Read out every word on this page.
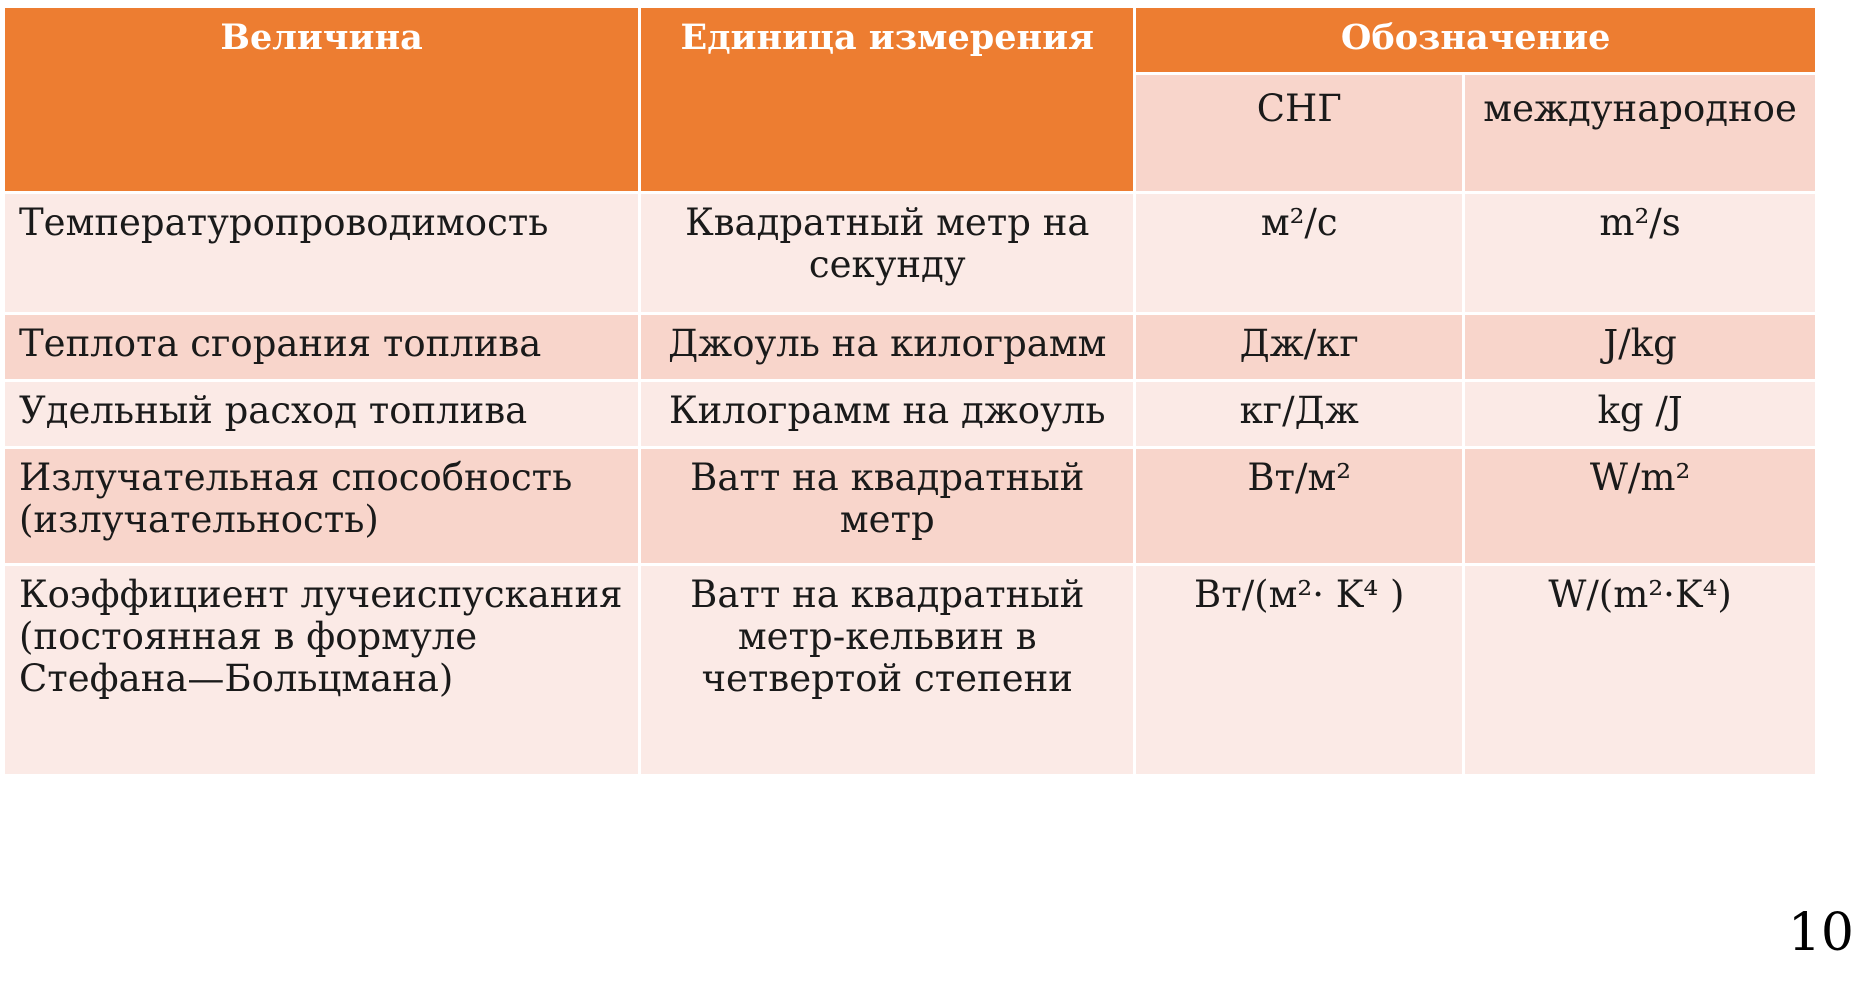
Величина	Единица измерения	Обозначение	
		СНГ	международное
Температуропроводимость	Квадратный метр на секунду	м²/с	m²/s
Теплота сгорания топлива	Джоуль на килограмм	Дж/кг	J/kg
Удельный расход топлива	Килограмм на джоуль	кг/Дж	kg /J
Излучательная способность (излучательность)	Ватт на квадратный метр	Вт/м²	W/m²
Коэффициент лучеиспускания (постоянная в формуле Стефана—Больцмана)	Ватт на квадратный метр-кельвин в четвертой степени	Вт/(м²· K⁴ )	W/(m²·K⁴)
10
